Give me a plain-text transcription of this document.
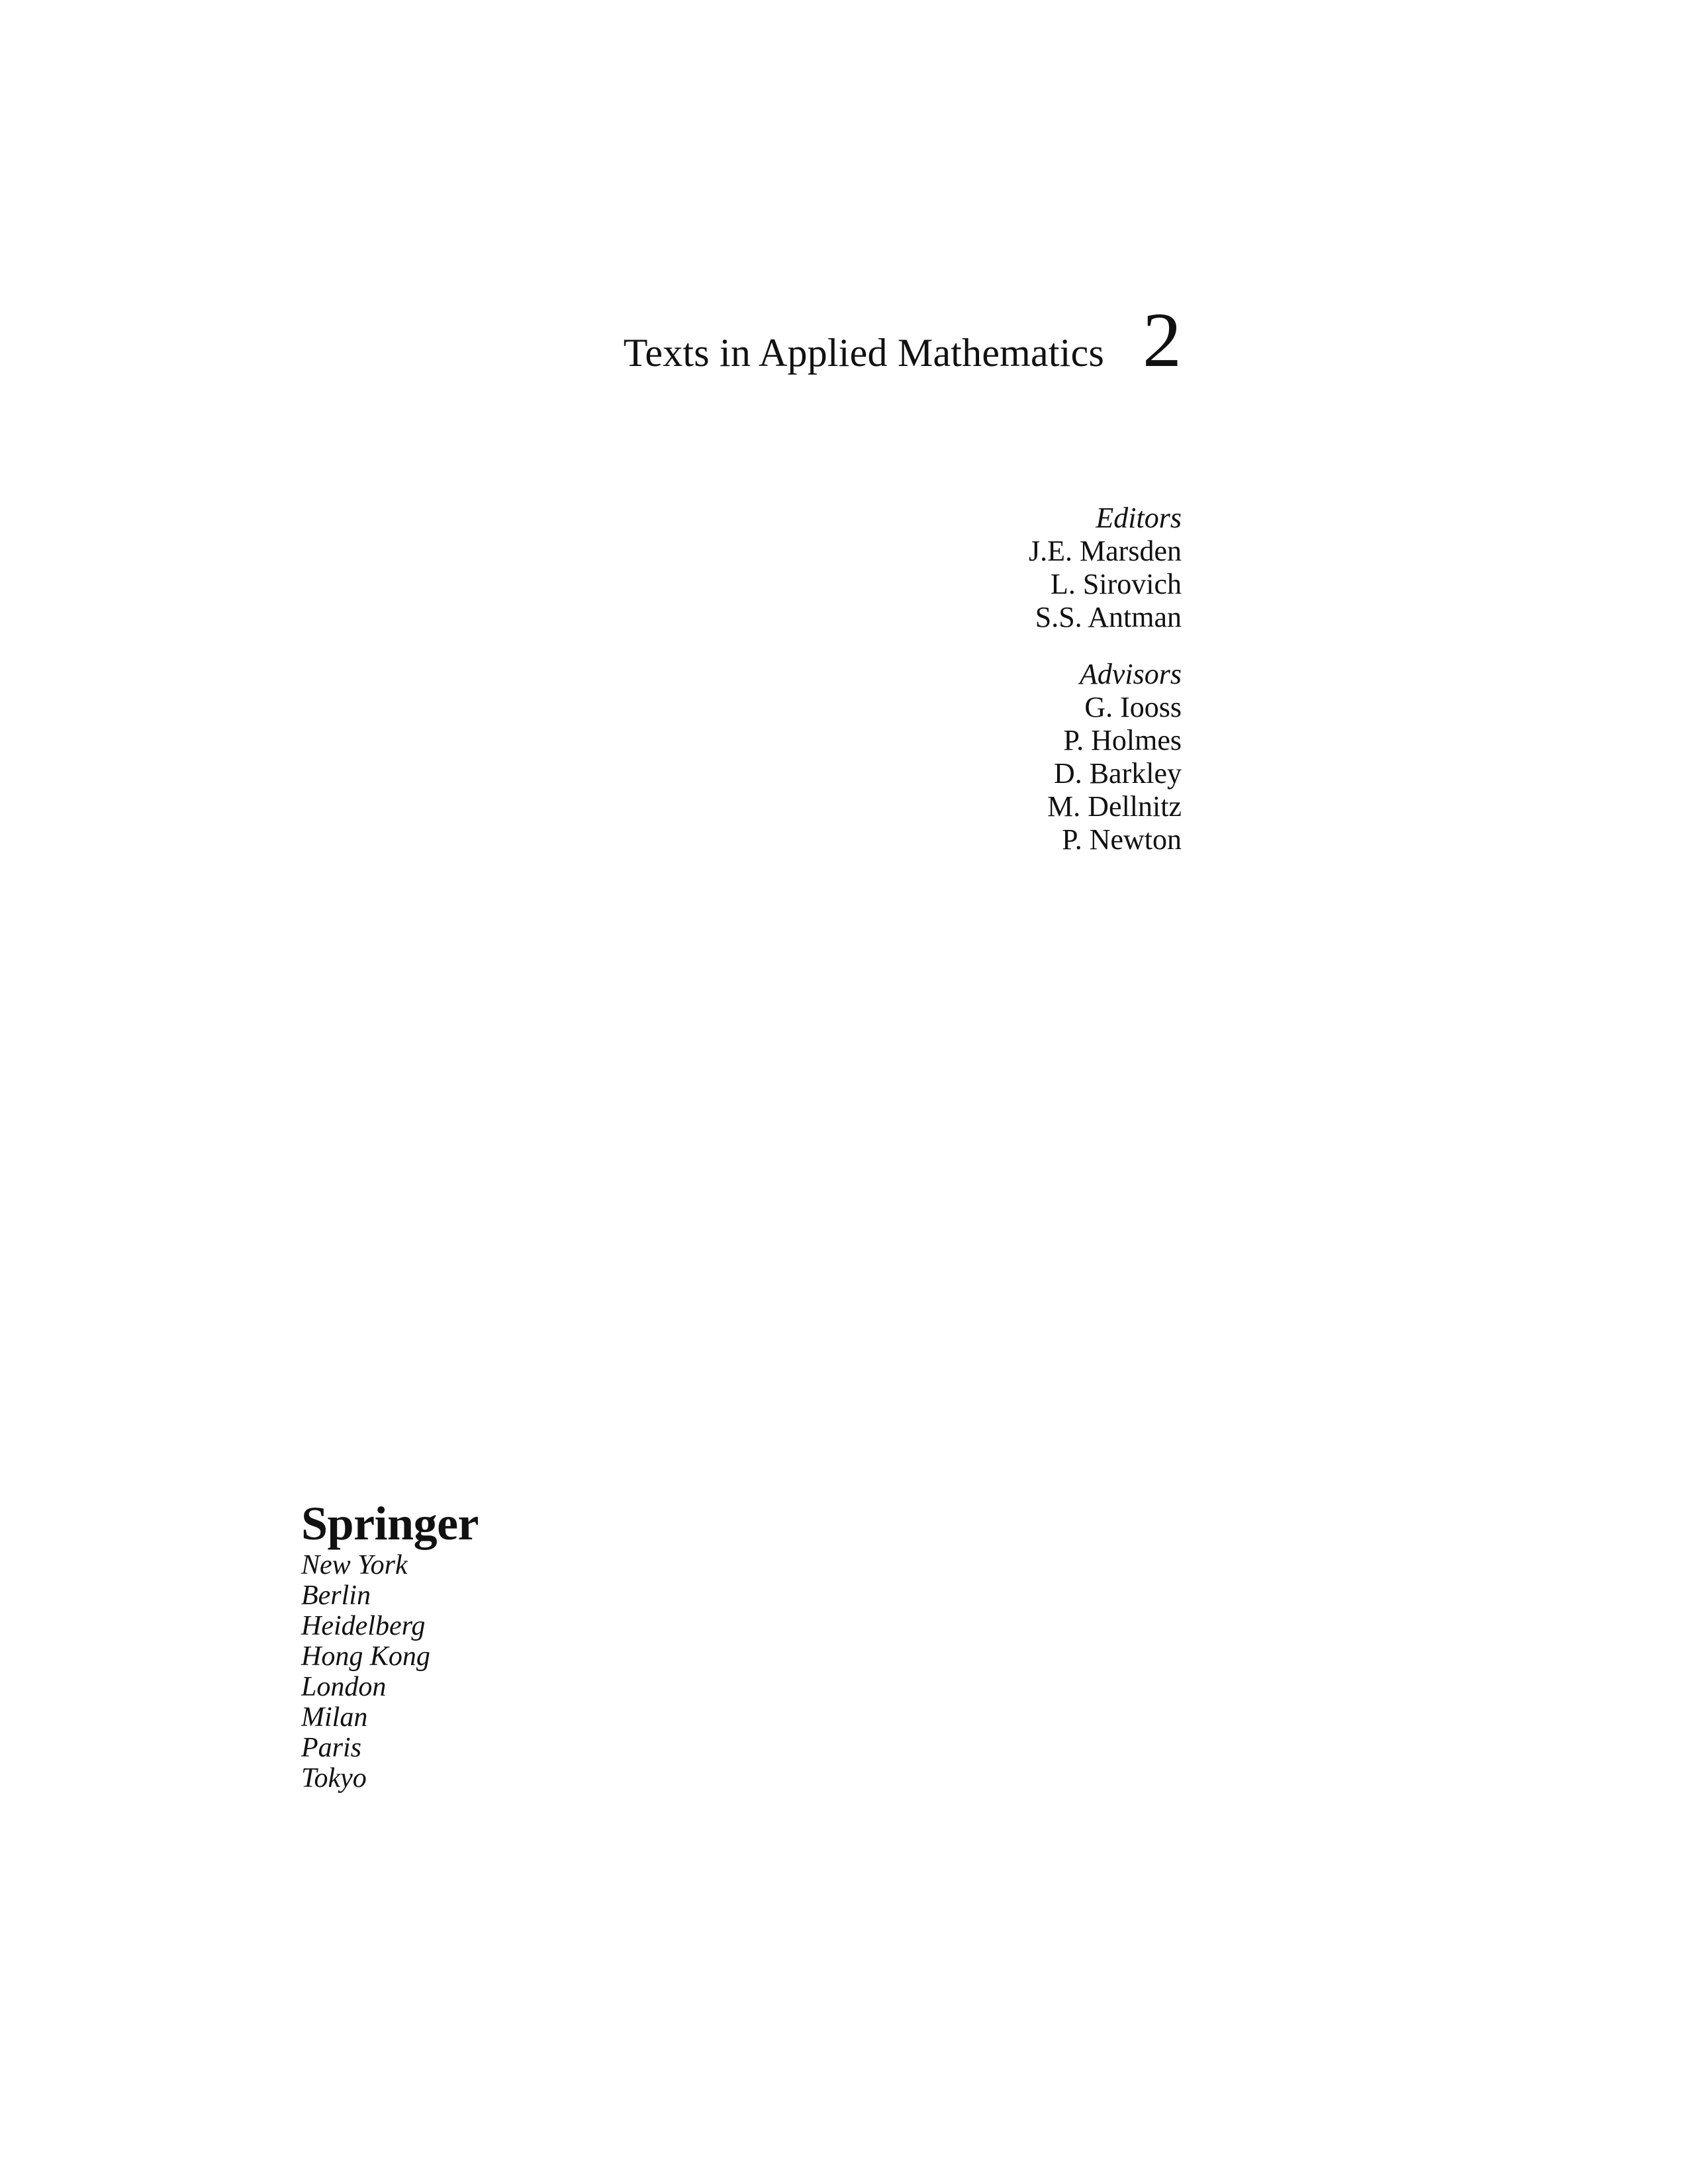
Texts in Applied Mathematics 2
Editors
J.E. Marsden
L. Sirovich
S.S. Antman
Advisors
G. Iooss
P. Holmes
D. Barkley
M. Dellnitz
P. Newton
Springer
New York
Berlin
Heidelberg
Hong Kong
London
Milan
Paris
Tokyo
